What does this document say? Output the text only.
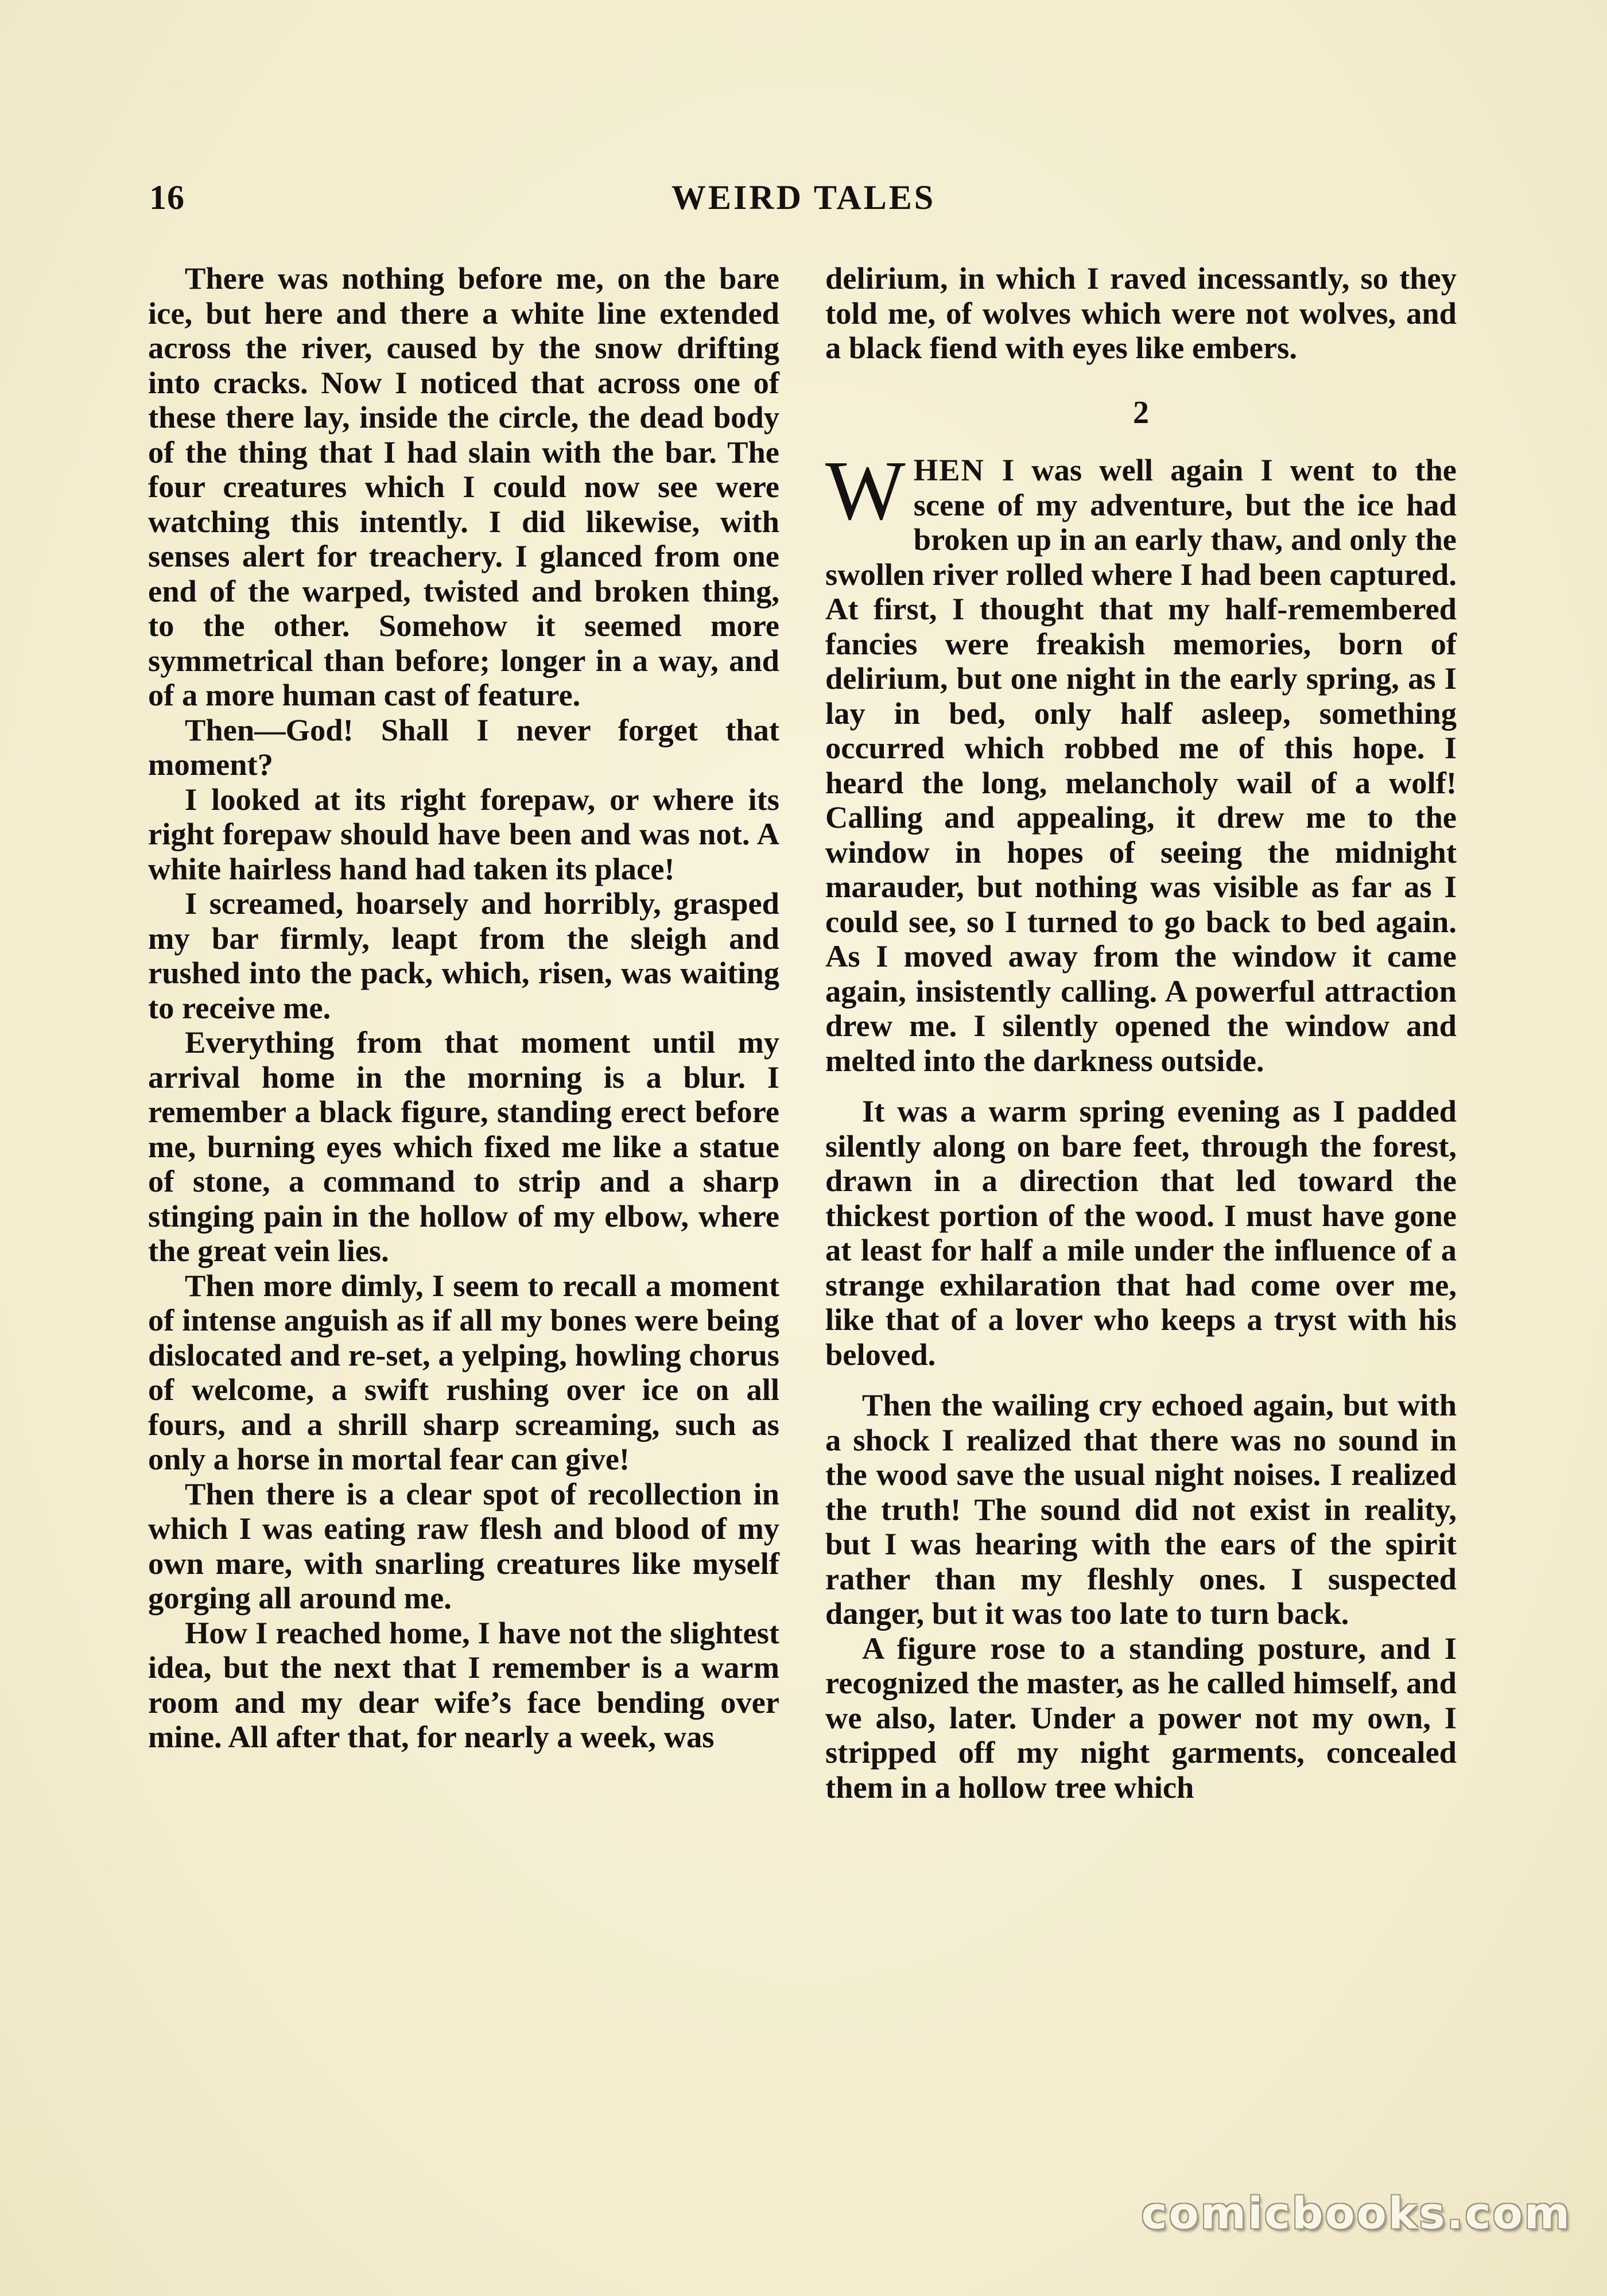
16	WEIRD TALES

There was nothing before me, on the bare ice, but here and there a white line extended across the river, caused by the snow drifting into cracks. Now I noticed that across one of these there lay, inside the circle, the dead body of the thing that I had slain with the bar. The four creatures which I could now see were watching this intently. I did likewise, with senses alert for treachery. I glanced from one end of the warped, twisted and broken thing, to the other. Somehow it seemed more symmetrical than before; longer in a way, and of a more human cast of feature.

Then—God! Shall I never forget that moment?

I looked at its right forepaw, or where its right forepaw should have been and was not. A white hairless hand had taken its place!

I screamed, hoarsely and horribly, grasped my bar firmly, leapt from the sleigh and rushed into the pack, which, risen, was waiting to receive me.

Everything from that moment until my arrival home in the morning is a blur. I remember a black figure, standing erect before me, burning eyes which fixed me like a statue of stone, a command to strip and a sharp stinging pain in the hollow of my elbow, where the great vein lies.

Then more dimly, I seem to recall a moment of intense anguish as if all my bones were being dislocated and re-set, a yelping, howling chorus of welcome, a swift rushing over ice on all fours, and a shrill sharp screaming, such as only a horse in mortal fear can give!

Then there is a clear spot of recollection in which I was eating raw flesh and blood of my own mare, with snarling creatures like myself gorging all around me.

How I reached home, I have not the slightest idea, but the next that I remember is a warm room and my dear wife’s face bending over mine. All after that, for nearly a week, was

delirium, in which I raved incessantly, so they told me, of wolves which were not wolves, and a black fiend with eyes like embers.

2

WHEN I was well again I went to the scene of my adventure, but the ice had broken up in an early thaw, and only the swollen river rolled where I had been captured. At first, I thought that my half-remembered fancies were freakish memories, born of delirium, but one night in the early spring, as I lay in bed, only half asleep, something occurred which robbed me of this hope. I heard the long, melancholy wail of a wolf! Calling and appealing, it drew me to the window in hopes of seeing the midnight marauder, but nothing was visible as far as I could see, so I turned to go back to bed again. As I moved away from the window it came again, insistently calling. A powerful attraction drew me. I silently opened the window and melted into the darkness outside.

It was a warm spring evening as I padded silently along on bare feet, through the forest, drawn in a direction that led toward the thickest portion of the wood. I must have gone at least for half a mile under the influence of a strange exhilaration that had come over me, like that of a lover who keeps a tryst with his beloved.

Then the wailing cry echoed again, but with a shock I realized that there was no sound in the wood save the usual night noises. I realized the truth! The sound did not exist in reality, but I was hearing with the ears of the spirit rather than my fleshly ones. I suspected danger, but it was too late to turn back.

A figure rose to a standing posture, and I recognized the master, as he called himself, and we also, later. Under a power not my own, I stripped off my night garments, concealed them in a hollow tree which

comicbooks.com
